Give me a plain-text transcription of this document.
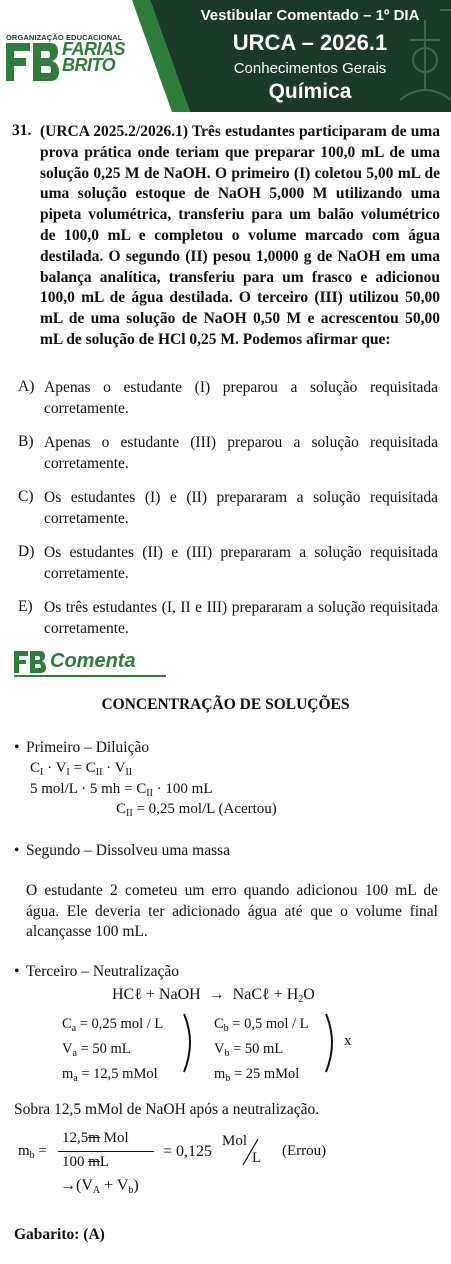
ORGANIZAÇÃO EDUCACIONAL
FARIAS
BRITO
Vestibular Comentado – 1º DIA
URCA – 2026.1
Conhecimentos Gerais
Química
31. (URCA 2025.2/2026.1) Três estudantes participaram de uma prova prática onde teriam que preparar 100,0 mL de uma solução 0,25 M de NaOH. O primeiro (I) coletou 5,00 mL de uma solução estoque de NaOH 5,000 M utilizando uma pipeta volumétrica, transferiu para um balão volumétrico de 100,0 mL e completou o volume marcado com água destilada. O segundo (II) pesou 1,0000 g de NaOH em uma balança analítica, transferiu para um frasco e adicionou 100,0 mL de água destilada. O terceiro (III) utilizou 50,00 mL de uma solução de NaOH 0,50 M e acrescentou 50,00 mL de solução de HCl 0,25 M. Podemos afirmar que:
A) Apenas o estudante (I) preparou a solução requisitada corretamente.
B) Apenas o estudante (III) preparou a solução requisitada corretamente.
C) Os estudantes (I) e (II) prepararam a solução requisitada corretamente.
D) Os estudantes (II) e (III) prepararam a solução requisitada corretamente.
E) Os três estudantes (I, II e III) prepararam a solução requisitada corretamente.
Comenta
CONCENTRAÇÃO DE SOLUÇÕES
• Primeiro – Diluição
$C_I \cdot V_I = C_{II} \cdot V_{II}$
5 mol/L · 5 mh = $C_{II} \cdot 100$ mL
$C_{II} = 0,25$ mol/L (Acertou)
• Segundo – Dissolveu uma massa
O estudante 2 cometeu um erro quando adicionou 100 mL de água. Ele deveria ter adicionado água até que o volume final alcançasse 100 mL.
• Terceiro – Neutralização
HCℓ + NaOH  →  NaCℓ + $H_2O$
$C_a = 0,25$ mol / L
$V_a = 50$ mL
$m_a = 12,5$ mMol
$C_b = 0,5$ mol / L
$V_b = 50$ mL
$m_b = 25$ mMol
x
Sobra 12,5 mMol de NaOH após a neutralização.
$m_b$ =
12,5m Mol
100 mL
= 0,125
Mol
L (Errou)
$\to(V_A + V_b)$
Gabarito: (A)
